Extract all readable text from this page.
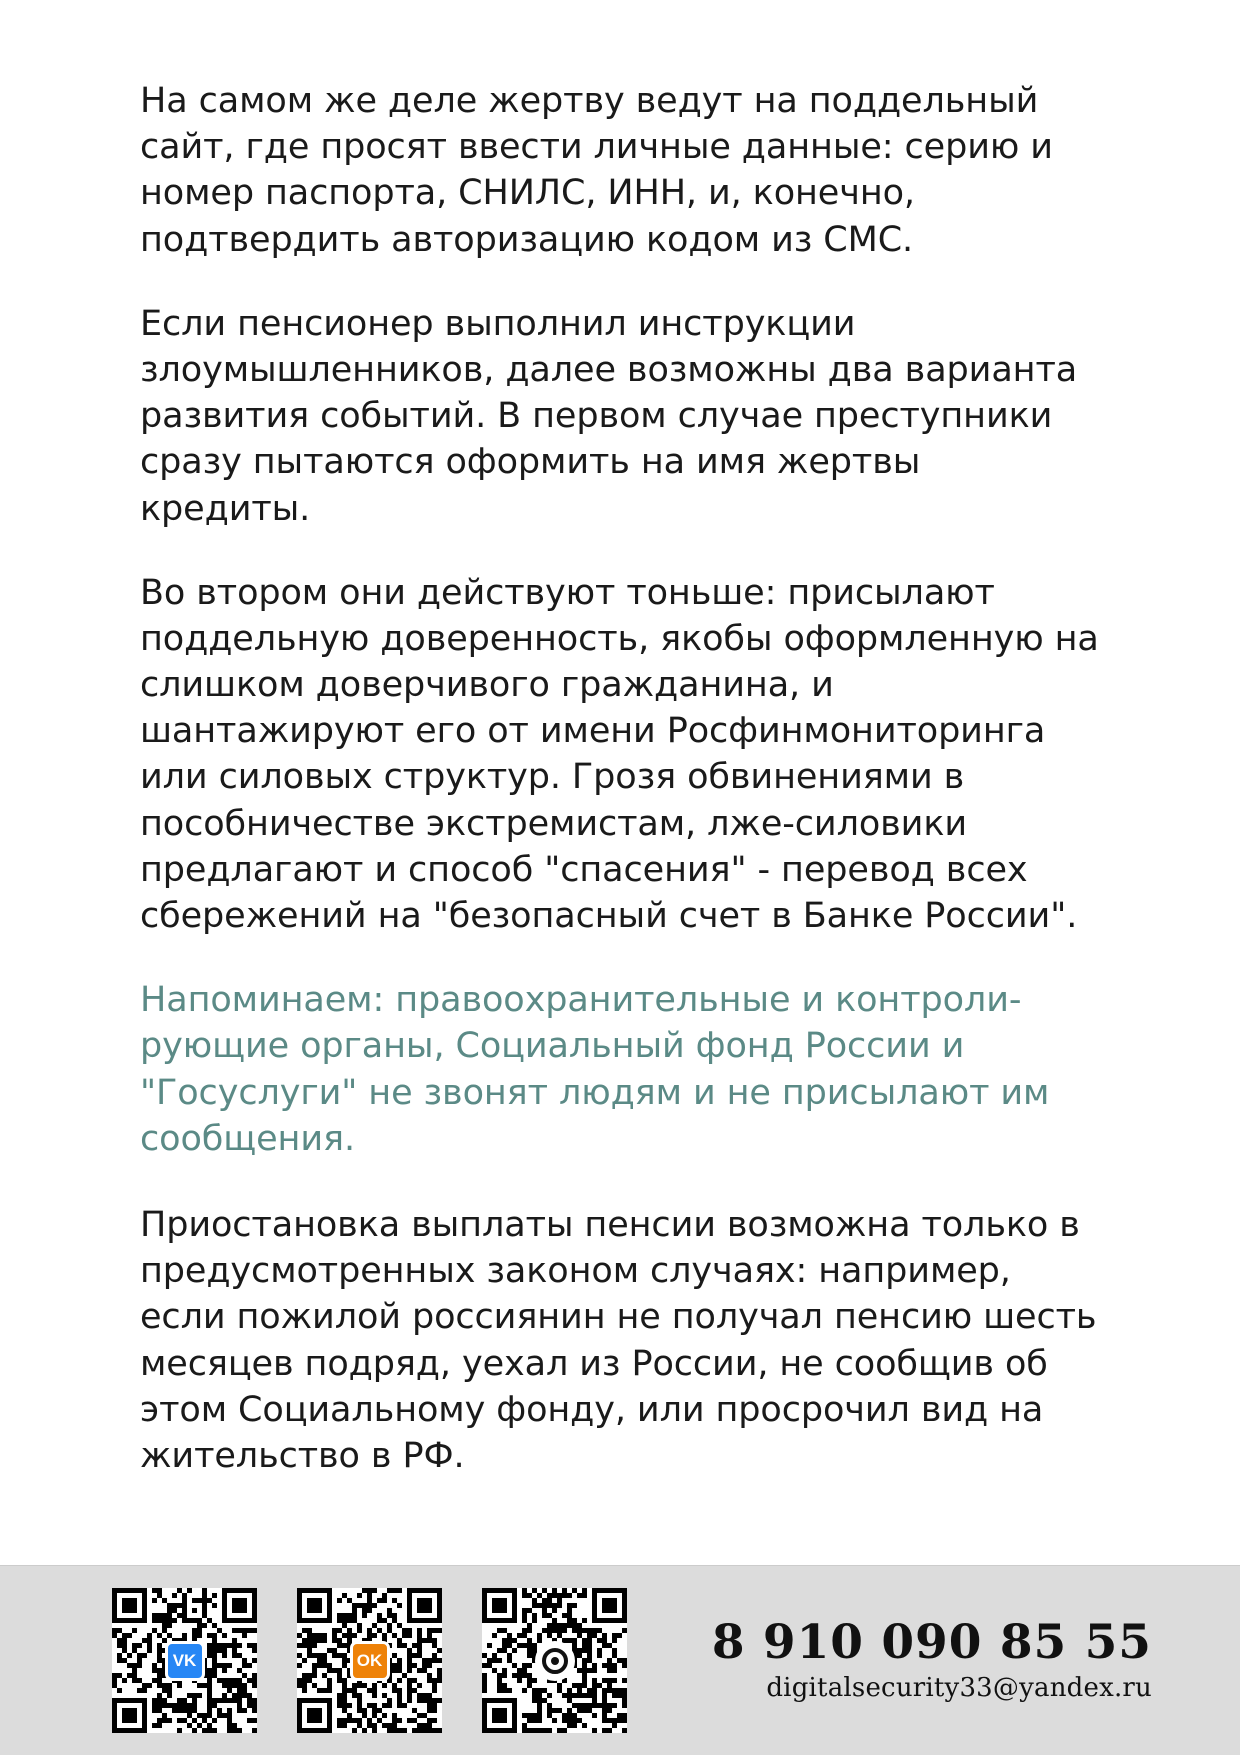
На самом же деле жертву ведут на поддельный сайт, где просят ввести личные данные: серию и номер паспорта, СНИЛС, ИНН, и, конечно, подтвердить авторизацию кодом из СМС.

Если пенсионер выполнил инструкции злоумышленников, далее возможны два варианта развития событий. В первом случае преступники сразу пытаются оформить на имя жертвы кредиты.

Во втором они действуют тоньше: присылают поддельную доверенность, якобы оформленную на слишком доверчивого гражданина, и шантажируют его от имени Росфинмониторинга или силовых структур. Грозя обвинениями в пособничестве экстремистам, лже-силовики предлагают и способ "спасения" - перевод всех сбережений на "безопасный счет в Банке России".

Напоминаем: правоохранительные и контроли-рующие органы, Социальный фонд России и "Госуслуги" не звонят людям и не присылают им сообщения.

Приостановка выплаты пенсии возможна только в предусмотренных законом случаях: например, если пожилой россиянин не получал пенсию шесть месяцев подряд, уехал из России, не сообщив об этом Социальному фонду, или просрочил вид на жительство в РФ.

VK	OK	8 910 090 85 55
digitalsecurity33@yandex.ru
